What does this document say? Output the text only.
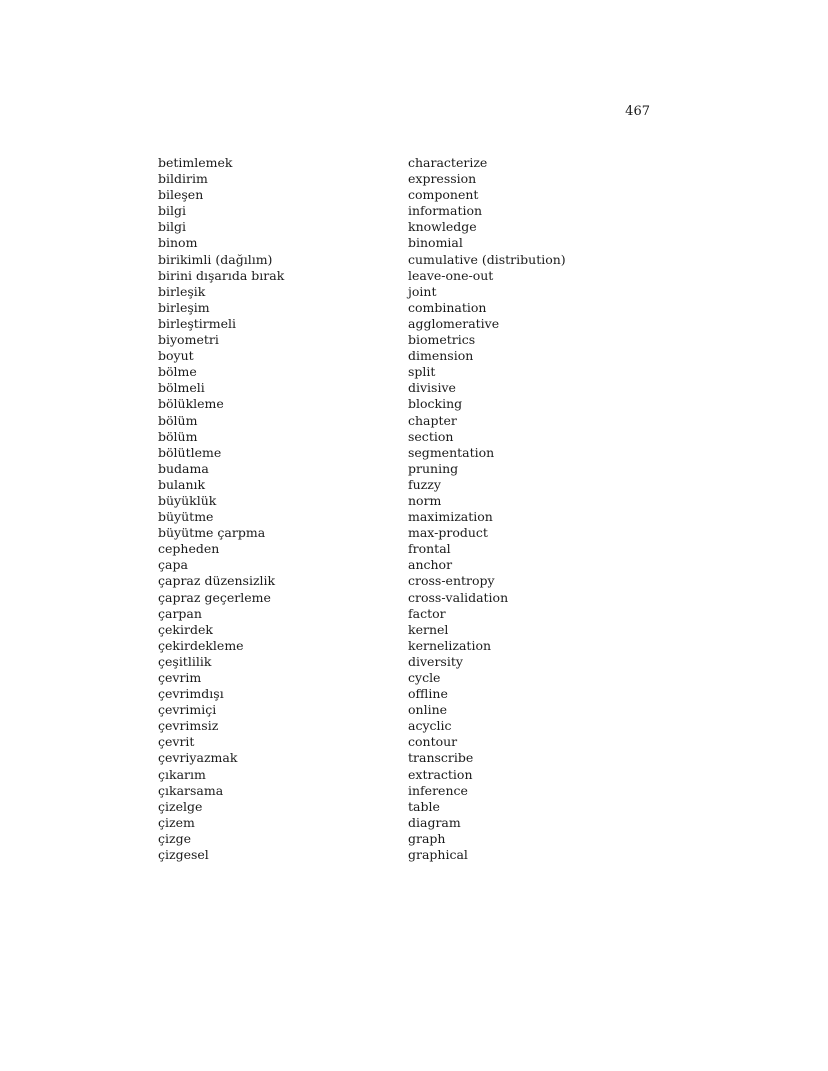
467
betimlemek	characterize
bildirim	expression
bileşen	component
bilgi	information
bilgi	knowledge
binom	binomial
birikimli (dağılım)	cumulative (distribution)
birini dışarıda bırak	leave-one-out
birleşik	joint
birleşim	combination
birleştirmeli	agglomerative
biyometri	biometrics
boyut	dimension
bölme	split
bölmeli	divisive
bölükleme	blocking
bölüm	chapter
bölüm	section
bölütleme	segmentation
budama	pruning
bulanık	fuzzy
büyüklük	norm
büyütme	maximization
büyütme çarpma	max-product
cepheden	frontal
çapa	anchor
çapraz düzensizlik	cross-entropy
çapraz geçerleme	cross-validation
çarpan	factor
çekirdek	kernel
çekirdekleme	kernelization
çeşitlilik	diversity
çevrim	cycle
çevrimdışı	offline
çevrimiçi	online
çevrimsiz	acyclic
çevrit	contour
çevriyazmak	transcribe
çıkarım	extraction
çıkarsama	inference
çizelge	table
çizem	diagram
çizge	graph
çizgesel	graphical
